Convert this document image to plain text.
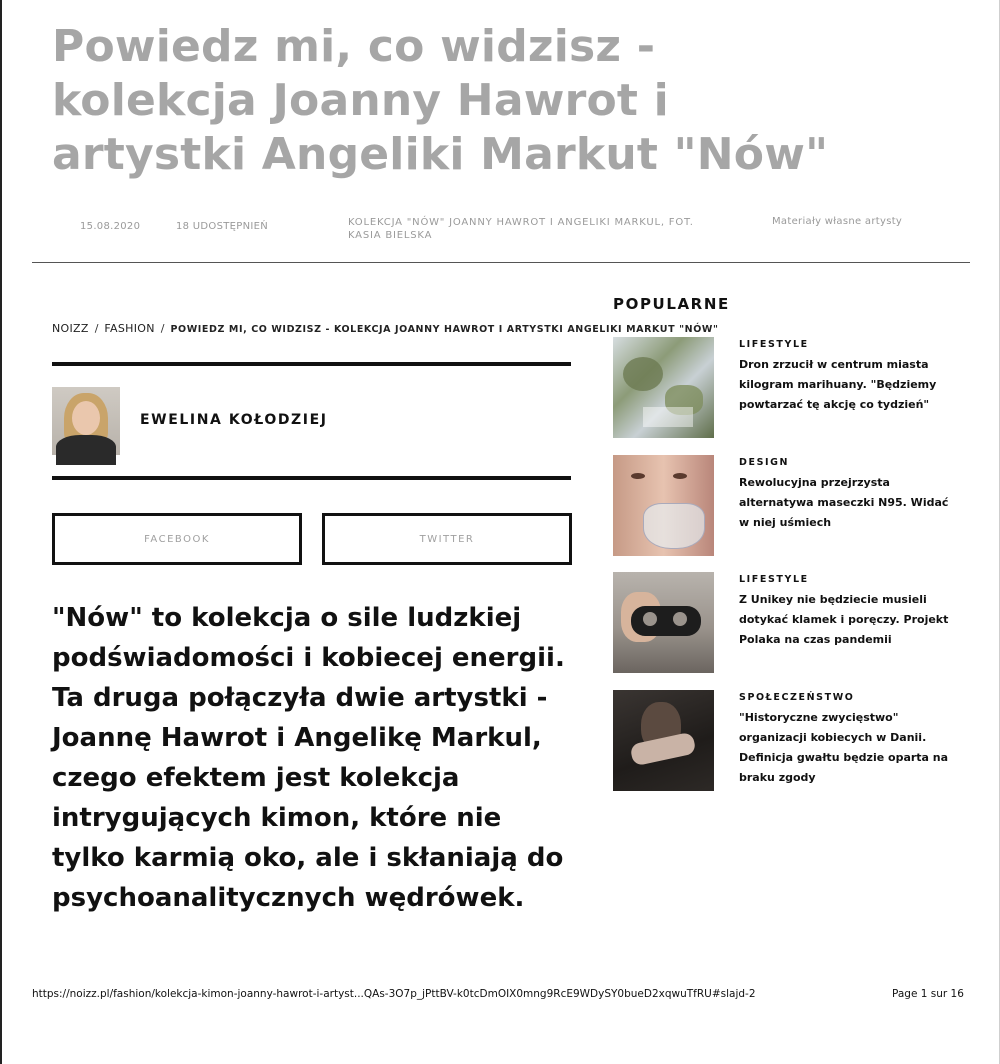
Powiedz mi, co widzisz - kolekcja Joanny Hawrot i artystki Angeliki Markut "Nów"
15.08.2020	18 UDOSTĘPNIEŃ	KOLEKCJA "NÓW" JOANNY HAWROT I ANGELIKI MARKUL, FOT. KASIA BIELSKA
Materiały własne artysty
NOIZZ / FASHION / POWIEDZ MI, CO WIDZISZ - KOLEKCJA JOANNY HAWROT I ARTYSTKI ANGELIKI MARKUT "NÓW"
EWELINA KOŁODZIEJ
FACEBOOK	TWITTER

"Nów" to kolekcja o sile ludzkiej podświadomości i kobiecej energii. Ta druga połączyła dwie artystki - Joannę Hawrot i Angelikę Markul, czego efektem jest kolekcja intrygujących kimon, które nie tylko karmią oko, ale i skłaniają do psychoanalitycznych wędrówek.

POPULARNE
LIFESTYLE
Dron zrzucił w centrum miasta kilogram marihuany. "Będziemy powtarzać tę akcję co tydzień"
DESIGN
Rewolucyjna przejrzysta alternatywa maseczki N95. Widać w niej uśmiech
LIFESTYLE
Z Unikey nie będziecie musieli dotykać klamek i poręczy. Projekt Polaka na czas pandemii
SPOŁECZEŃSTWO
"Historyczne zwycięstwo" organizacji kobiecych w Danii. Definicja gwałtu będzie oparta na braku zgody
https://noizz.pl/fashion/kolekcja-kimon-joanny-hawrot-i-artyst...QAs-3O7p_jPttBV-k0tcDmOIX0mng9RcE9WDySY0bueD2xqwuTfRU#slajd-2	Page 1 sur 16
